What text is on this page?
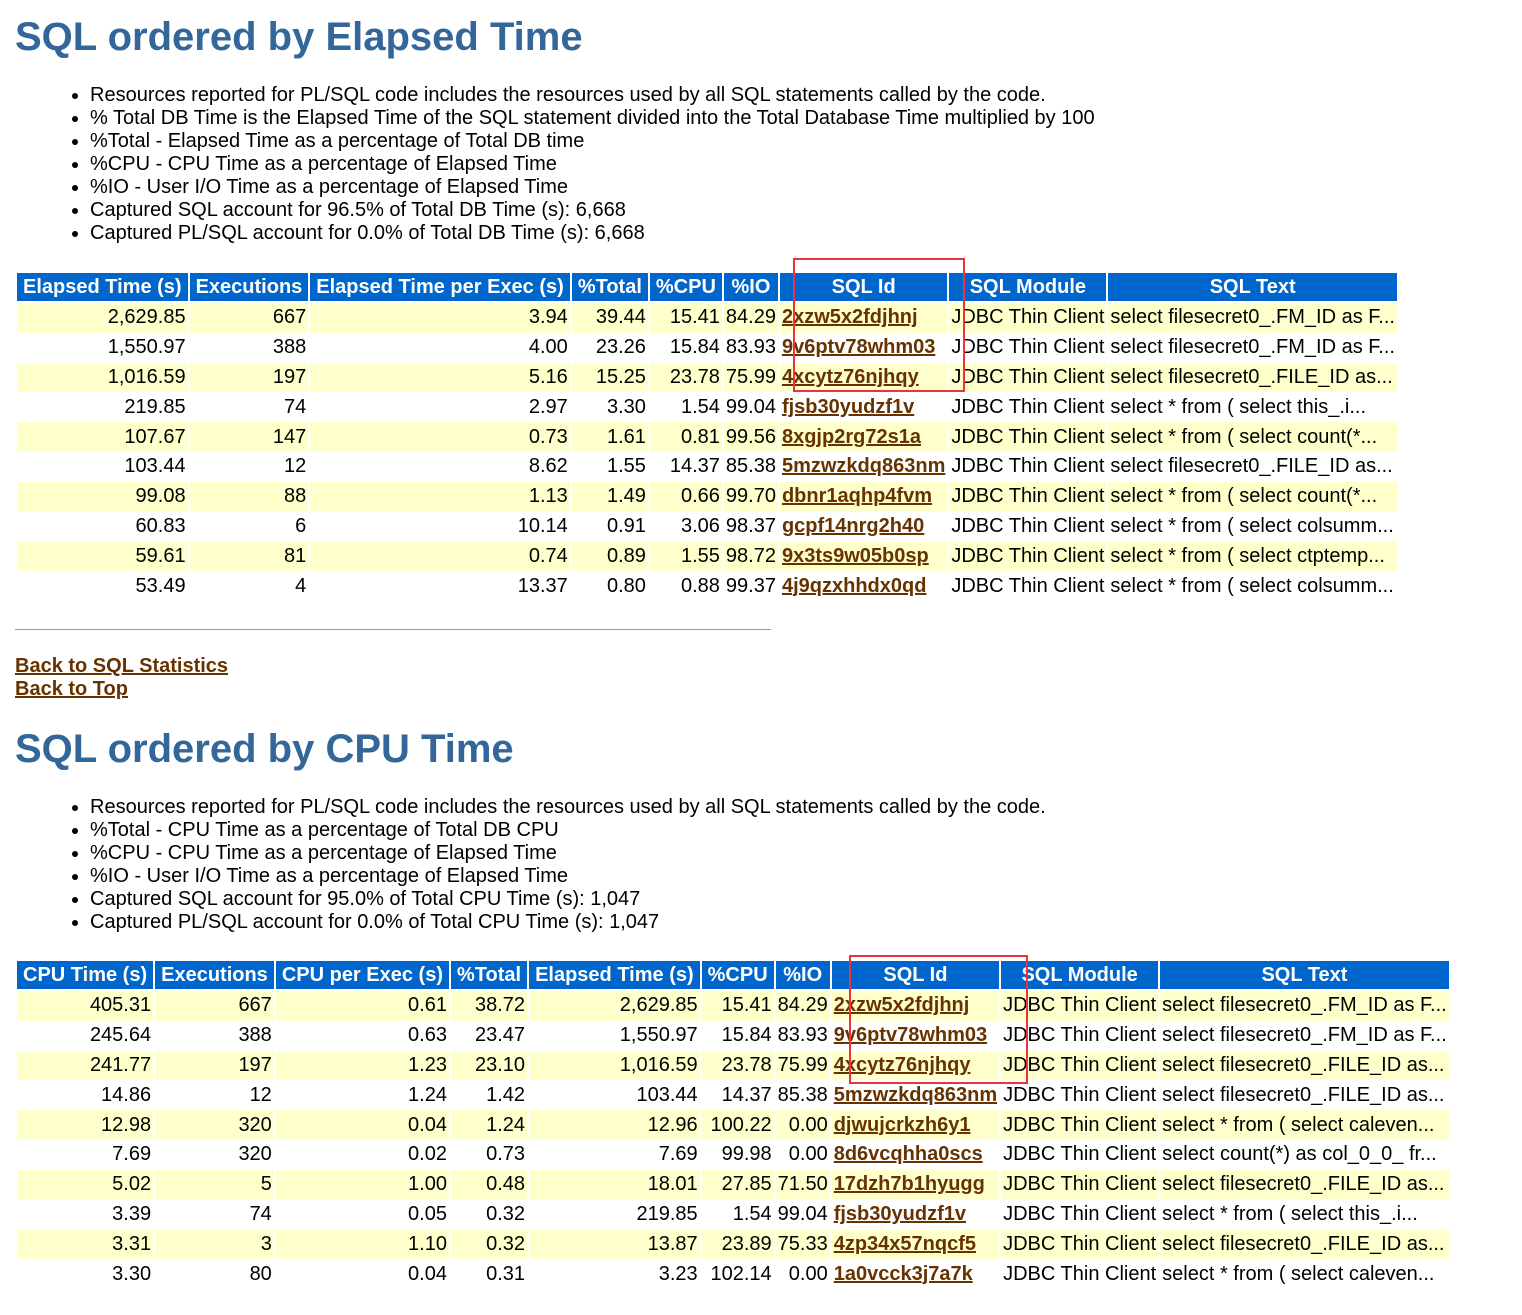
SQL ordered by Elapsed Time
• Resources reported for PL/SQL code includes the resources used by all SQL statements called by the code.
• % Total DB Time is the Elapsed Time of the SQL statement divided into the Total Database Time multiplied by 100
• %Total - Elapsed Time as a percentage of Total DB time
• %CPU - CPU Time as a percentage of Elapsed Time
• %IO - User I/O Time as a percentage of Elapsed Time
• Captured SQL account for 96.5% of Total DB Time (s): 6,668
• Captured PL/SQL account for 0.0% of Total DB Time (s): 6,668
Elapsed Time (s)	Executions	Elapsed Time per Exec (s)	%Total	%CPU	%IO	SQL Id	SQL Module	SQL Text
2,629.85	667	3.94	39.44	15.41	84.29	2xzw5x2fdjhnj	JDBC Thin Client	select filesecret0_.FM_ID as F...
1,550.97	388	4.00	23.26	15.84	83.93	9v6ptv78whm03	JDBC Thin Client	select filesecret0_.FM_ID as F...
1,016.59	197	5.16	15.25	23.78	75.99	4xcytz76njhqy	JDBC Thin Client	select filesecret0_.FILE_ID as...
219.85	74	2.97	3.30	1.54	99.04	fjsb30yudzf1v	JDBC Thin Client	select * from ( select this_.i...
107.67	147	0.73	1.61	0.81	99.56	8xgjp2rg72s1a	JDBC Thin Client	select * from ( select count(*...
103.44	12	8.62	1.55	14.37	85.38	5mzwzkdq863nm	JDBC Thin Client	select filesecret0_.FILE_ID as...
99.08	88	1.13	1.49	0.66	99.70	dbnr1aqhp4fvm	JDBC Thin Client	select * from ( select count(*...
60.83	6	10.14	0.91	3.06	98.37	gcpf14nrg2h40	JDBC Thin Client	select * from ( select colsumm...
59.61	81	0.74	0.89	1.55	98.72	9x3ts9w05b0sp	JDBC Thin Client	select * from ( select ctptemp...
53.49	4	13.37	0.80	0.88	99.37	4j9qzxhhdx0qd	JDBC Thin Client	select * from ( select colsumm...
Back to SQL Statistics
Back to Top
SQL ordered by CPU Time
• Resources reported for PL/SQL code includes the resources used by all SQL statements called by the code.
• %Total - CPU Time as a percentage of Total DB CPU
• %CPU - CPU Time as a percentage of Elapsed Time
• %IO - User I/O Time as a percentage of Elapsed Time
• Captured SQL account for 95.0% of Total CPU Time (s): 1,047
• Captured PL/SQL account for 0.0% of Total CPU Time (s): 1,047
CPU Time (s)	Executions	CPU per Exec (s)	%Total	Elapsed Time (s)	%CPU	%IO	SQL Id	SQL Module	SQL Text
405.31	667	0.61	38.72	2,629.85	15.41	84.29	2xzw5x2fdjhnj	JDBC Thin Client	select filesecret0_.FM_ID as F...
245.64	388	0.63	23.47	1,550.97	15.84	83.93	9v6ptv78whm03	JDBC Thin Client	select filesecret0_.FM_ID as F...
241.77	197	1.23	23.10	1,016.59	23.78	75.99	4xcytz76njhqy	JDBC Thin Client	select filesecret0_.FILE_ID as...
14.86	12	1.24	1.42	103.44	14.37	85.38	5mzwzkdq863nm	JDBC Thin Client	select filesecret0_.FILE_ID as...
12.98	320	0.04	1.24	12.96	100.22	0.00	djwujcrkzh6y1	JDBC Thin Client	select * from ( select caleven...
7.69	320	0.02	0.73	7.69	99.98	0.00	8d6vcqhha0scs	JDBC Thin Client	select count(*) as col_0_0_ fr...
5.02	5	1.00	0.48	18.01	27.85	71.50	17dzh7b1hyugg	JDBC Thin Client	select filesecret0_.FILE_ID as...
3.39	74	0.05	0.32	219.85	1.54	99.04	fjsb30yudzf1v	JDBC Thin Client	select * from ( select this_.i...
3.31	3	1.10	0.32	13.87	23.89	75.33	4zp34x57nqcf5	JDBC Thin Client	select filesecret0_.FILE_ID as...
3.30	80	0.04	0.31	3.23	102.14	0.00	1a0vcck3j7a7k	JDBC Thin Client	select * from ( select caleven...
